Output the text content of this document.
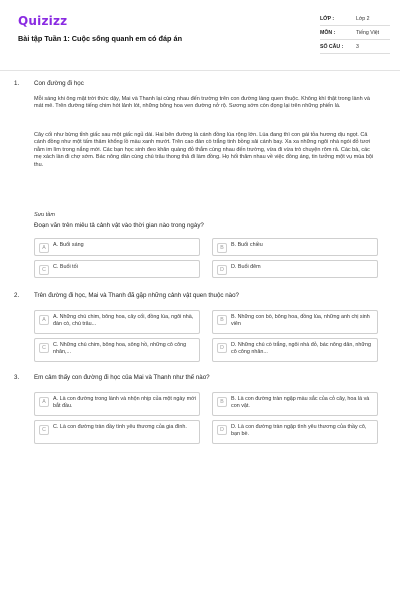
Quizizz
Bài tập Tuần 1: Cuộc sống quanh em có đáp án
LỚP :	Lớp 2
MÔN :	Tiếng Việt
SỐ CÂU : 3
1. Con đường đi học
Mỗi sáng khi ông mặt trời thức dậy, Mai và Thanh lại cùng nhau đến trường trên con đường làng quen thuộc. Không khí thật trong lành và mát mẻ. Trên đường tiếng chim hót lảnh lót, những bông hoa ven đường nở rộ. Sương sớm còn đọng lại trên những phiến lá.
Cây cối như bừng tỉnh giấc sau một giấc ngủ dài. Hai bên đường là cánh đồng lúa rộng lớn. Lúa đang thì con gái tỏa hương dịu ngọt. Cả cánh đồng như một tấm thảm khổng lồ màu xanh mướt. Trên cao đàn cò trắng tinh bồng sải cánh bay. Xa xa những ngôi nhà ngói đỏ tươi nằm im lìm trong nắng mới. Các bạn học sinh đeo khăn quàng đỏ thắm cùng nhau đến trường, vừa đi vừa trò chuyện rôm rả. Các bà, các mẹ xách làn đi chợ sớm. Bác nông dân cùng chú trâu thong thả đi làm đồng. Họ hối thăm nhau về việc đồng áng, tin tưởng một vụ mùa bội thu.
Sưu tầm
Đoạn văn trên miêu tả cảnh vật vào thời gian nào trong ngày?
A	A. Buổi sáng	B	B. Buổi chiều
C	C. Buổi tối	D	D. Buổi đêm
2. Trên đường đi học, Mai và Thanh đã gặp những cảnh vật quen thuộc nào?
A	A. Những chú chim, bông hoa, cây cối, đồng lúa, ngôi nhà, đàn cò, chú trâu...
B	B. Những con bò, bông hoa, đồng lúa, những anh chị sinh viên
C	C. Những chú chim, bông hoa, sông hồ, những cô công nhân,...
D	D. Những chú cò trắng, ngôi nhà đỏ, bác nông dân, những cô công nhân...
3. Em cảm thấy con đường đi học của Mai và Thanh như thế nào?
A	A. Là con đường trong lành và nhộn nhịp của một ngày mới bắt đầu.
B	B. Là con đường tràn ngập màu sắc của cỏ cây, hoa lá và con vật.
C	C. Là con đường tràn đầy tình yêu thương của gia đình.	D	D. Là con đường tràn ngập tình yêu thương của thầy cô, bạn bè.
